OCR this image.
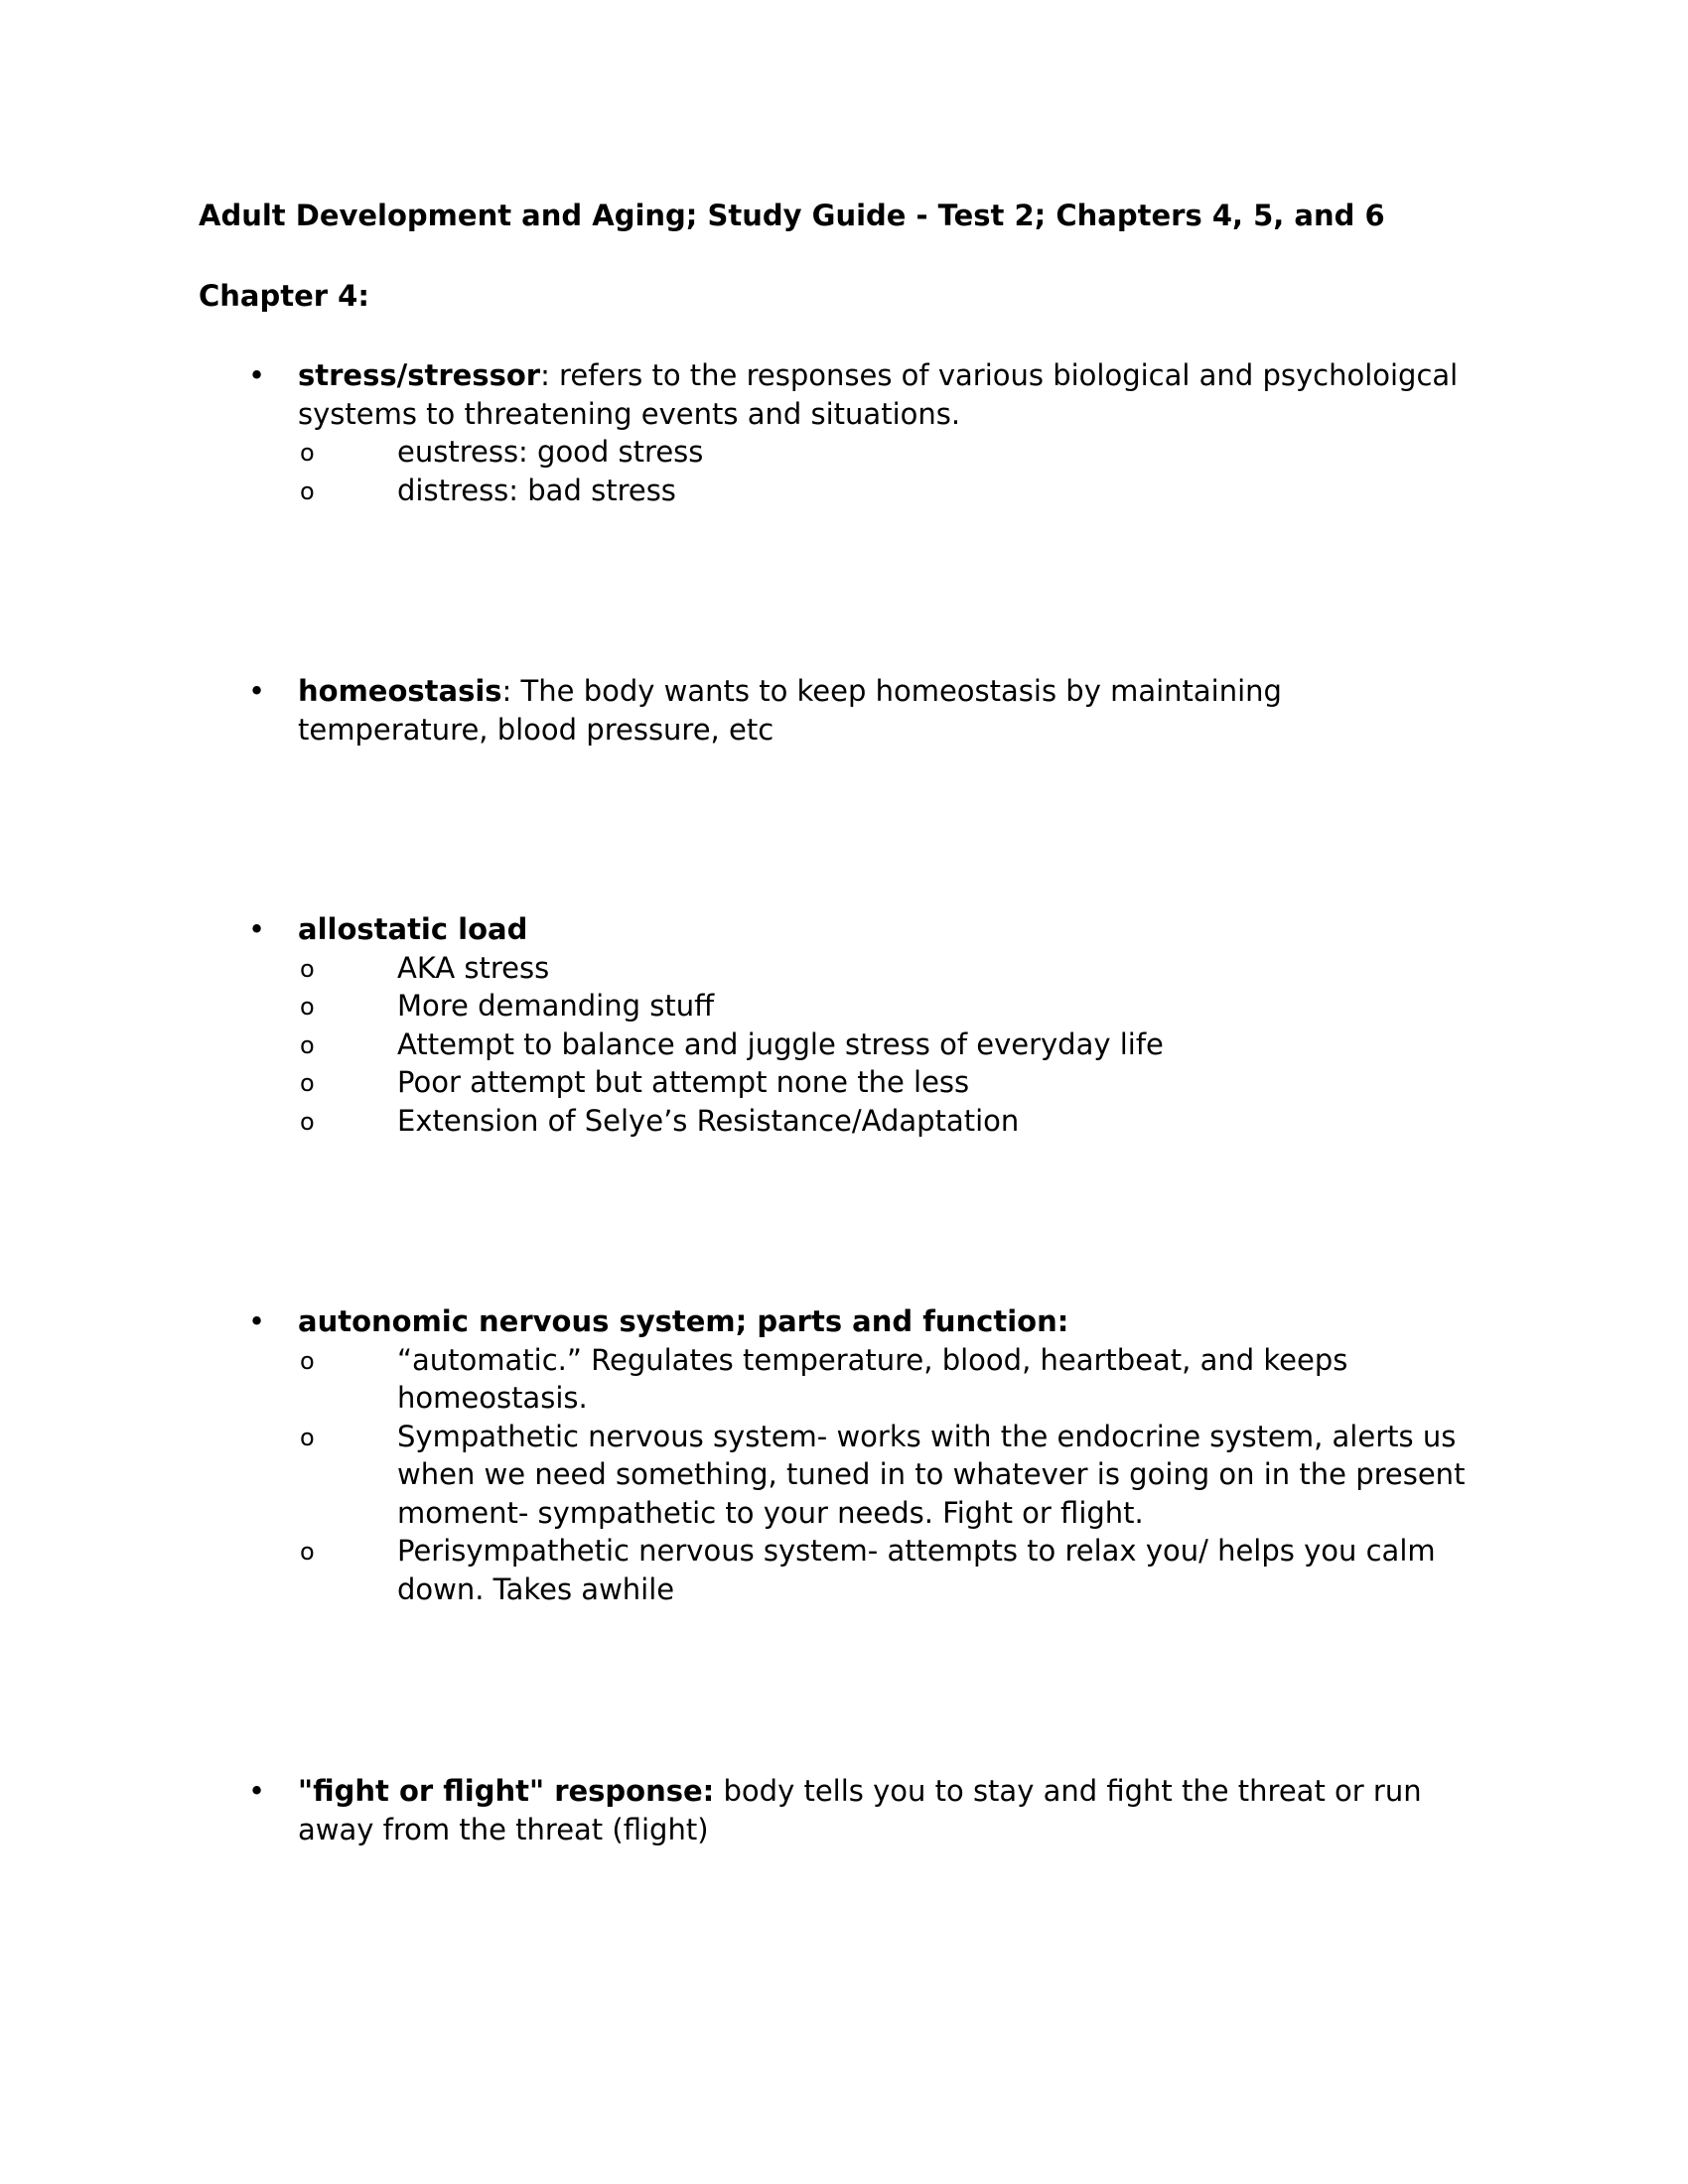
Adult Development and Aging; Study Guide - Test 2; Chapters 4, 5, and 6
Chapter 4:
• stress/stressor: refers to the responses of various biological and psycholoigcal systems to threatening events and situations.
o	eustress: good stress
o	distress: bad stress
• homeostasis: The body wants to keep homeostasis by maintaining temperature, blood pressure, etc
• allostatic load
o	AKA stress
o	More demanding stuff
o	Attempt to balance and juggle stress of everyday life
o	Poor attempt but attempt none the less
o	Extension of Selye’s Resistance/Adaptation
• autonomic nervous system; parts and function:
o	“automatic.” Regulates temperature, blood, heartbeat, and keeps homeostasis.
o	Sympathetic nervous system- works with the endocrine system, alerts us when we need something, tuned in to whatever is going on in the present moment- sympathetic to your needs. Fight or flight.
o	Perisympathetic nervous system- attempts to relax you/ helps you calm down. Takes awhile
• "fight or flight" response: body tells you to stay and fight the threat or run away from the threat (flight)
